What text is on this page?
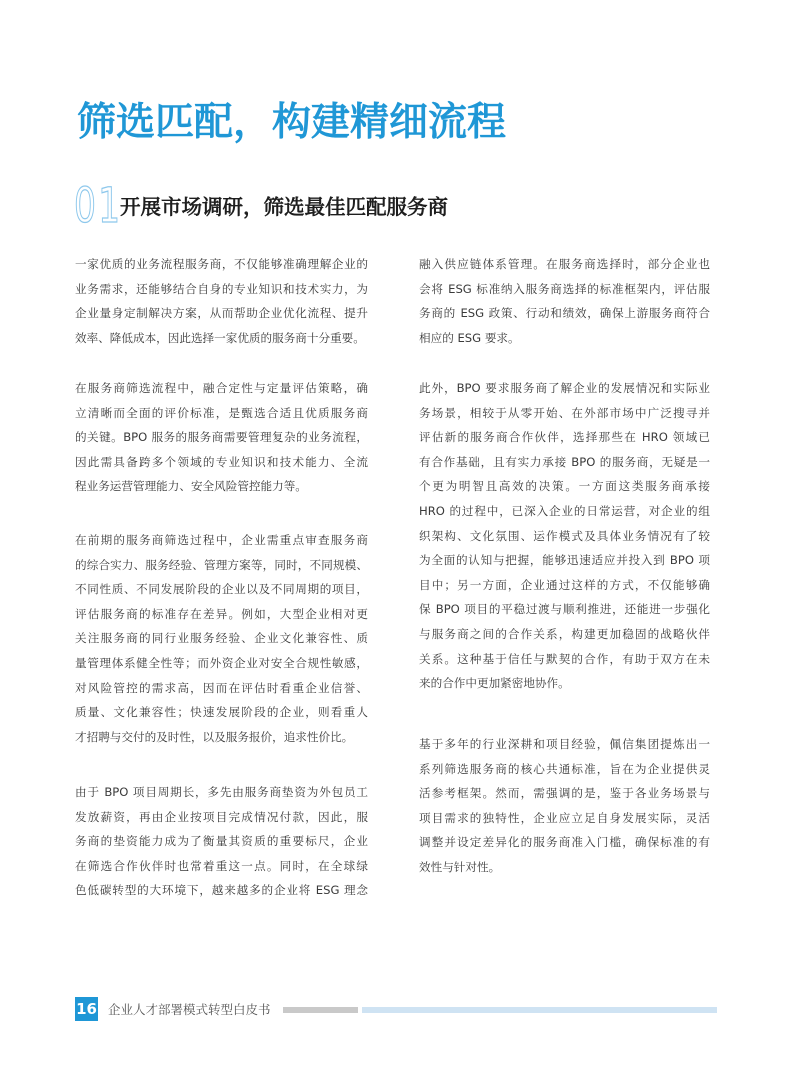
筛选匹配，构建精细流程
01
开展市场调研，筛选最佳匹配服务商
一家优质的业务流程服务商，不仅能够准确理解企业的
业务需求，还能够结合自身的专业知识和技术实力，为
企业量身定制解决方案，从而帮助企业优化流程、提升
效率、降低成本，因此选择一家优质的服务商十分重要。
在服务商筛选流程中，融合定性与定量评估策略，确
立清晰而全面的评价标准，是甄选合适且优质服务商
的关键。BPO 服务的服务商需要管理复杂的业务流程，
因此需具备跨多个领域的专业知识和技术能力、全流
程业务运营管理能力、安全风险管控能力等。
在前期的服务商筛选过程中，企业需重点审查服务商
的综合实力、服务经验、管理方案等，同时，不同规模、
不同性质、不同发展阶段的企业以及不同周期的项目，
评估服务商的标准存在差异。例如，大型企业相对更
关注服务商的同行业服务经验、企业文化兼容性、质
量管理体系健全性等；而外资企业对安全合规性敏感，
对风险管控的需求高，因而在评估时看重企业信誉、
质量、文化兼容性；快速发展阶段的企业，则看重人
才招聘与交付的及时性，以及服务报价，追求性价比。
由于 BPO 项目周期长，多先由服务商垫资为外包员工
发放薪资，再由企业按项目完成情况付款，因此，服
务商的垫资能力成为了衡量其资质的重要标尺，企业
在筛选合作伙伴时也常着重这一点。同时，在全球绿
色低碳转型的大环境下，越来越多的企业将 ESG 理念
融入供应链体系管理。在服务商选择时，部分企业也
会将 ESG 标准纳入服务商选择的标准框架内，评估服
务商的 ESG 政策、行动和绩效，确保上游服务商符合
相应的 ESG 要求。
此外，BPO 要求服务商了解企业的发展情况和实际业
务场景，相较于从零开始、在外部市场中广泛搜寻并
评估新的服务商合作伙伴，选择那些在 HRO 领域已
有合作基础，且有实力承接 BPO 的服务商，无疑是一
个更为明智且高效的决策。一方面这类服务商承接
HRO 的过程中，已深入企业的日常运营，对企业的组
织架构、文化氛围、运作模式及具体业务情况有了较
为全面的认知与把握，能够迅速适应并投入到 BPO 项
目中；另一方面，企业通过这样的方式，不仅能够确
保 BPO 项目的平稳过渡与顺利推进，还能进一步强化
与服务商之间的合作关系，构建更加稳固的战略伙伴
关系。这种基于信任与默契的合作，有助于双方在未
来的合作中更加紧密地协作。
基于多年的行业深耕和项目经验，佩信集团提炼出一
系列筛选服务商的核心共通标准，旨在为企业提供灵
活参考框架。然而，需强调的是，鉴于各业务场景与
项目需求的独特性，企业应立足自身发展实际，灵活
调整并设定差异化的服务商准入门槛，确保标准的有
效性与针对性。
16 企业人才部署模式转型白皮书
